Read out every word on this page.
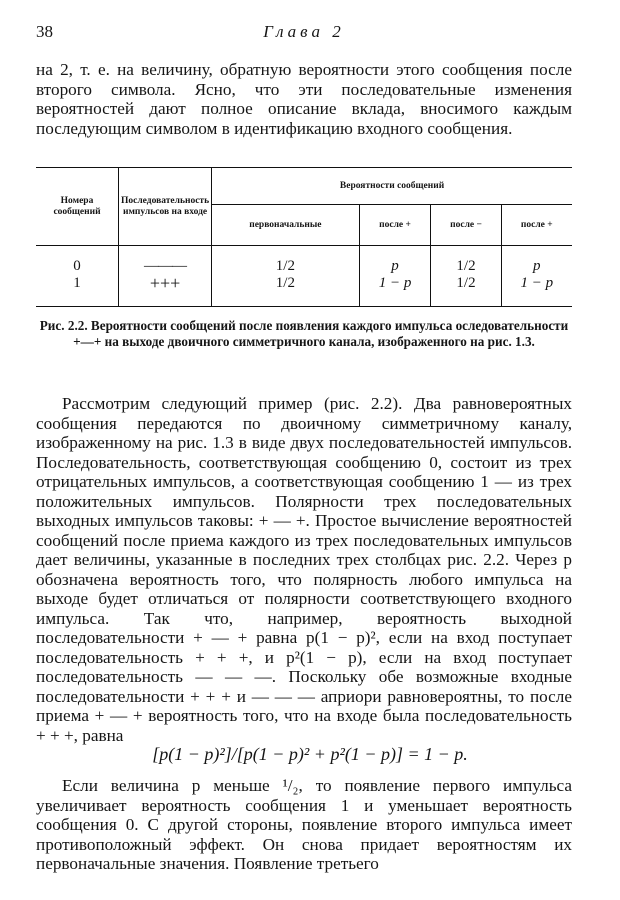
38	Глава 2

на 2, т. е. на величину, обратную вероятности этого сообщения после второго символа. Ясно, что эти последовательные изменения вероятностей дают полное описание вклада, вносимого каждым последующим символом в идентификацию входного сообщения.

Номера сообщений	Последовательность импульсов на входе	Вероятности сообщений			
		первоначальные	после +	после −	после +
0	———	1/2	p	1/2	p
1	+++	1/2	1 − p	1/2	1 − p
Рис. 2.2. Вероятности сообщений после появления каждого импульса оследовательности +—+ на выходе двоичного симметричного канала, изображенного на рис. 1.3.

Рассмотрим следующий пример (рис. 2.2). Два равновероятных сообщения передаются по двоичному симметричному каналу, изображенному на рис. 1.3 в виде двух последовательностей импульсов. Последовательность, соответствующая сообщению 0, состоит из трех отрицательных импульсов, а соответствующая сообщению 1 — из трех положительных импульсов. Полярности трех последовательных выходных импульсов таковы: + — +. Простое вычисление вероятностей сообщений после приема каждого из трех последовательных импульсов дает величины, указанные в последних трех столбцах рис. 2.2. Через p обозначена вероятность того, что полярность любого импульса на выходе будет отличаться от полярности соответствующего входного импульса. Так что, например, вероятность выходной последовательности + — + равна p(1 − p)², если на вход поступает последовательность + + +, и p²(1 − p), если на вход поступает последовательность — — —. Поскольку обе возможные входные последовательности + + + и — — — априори равновероятны, то после приема + — + вероятность того, что на входе была последовательность + + +, равна

[p(1 − p)²]/[p(1 − p)² + p²(1 − p)] = 1 − p.

Если величина p меньше ¹/₂, то появление первого импульса увеличивает вероятность сообщения 1 и уменьшает вероятность сообщения 0. С другой стороны, появление второго импульса имеет противоположный эффект. Он снова придает вероятностям их первоначальные значения. Появление третьего
